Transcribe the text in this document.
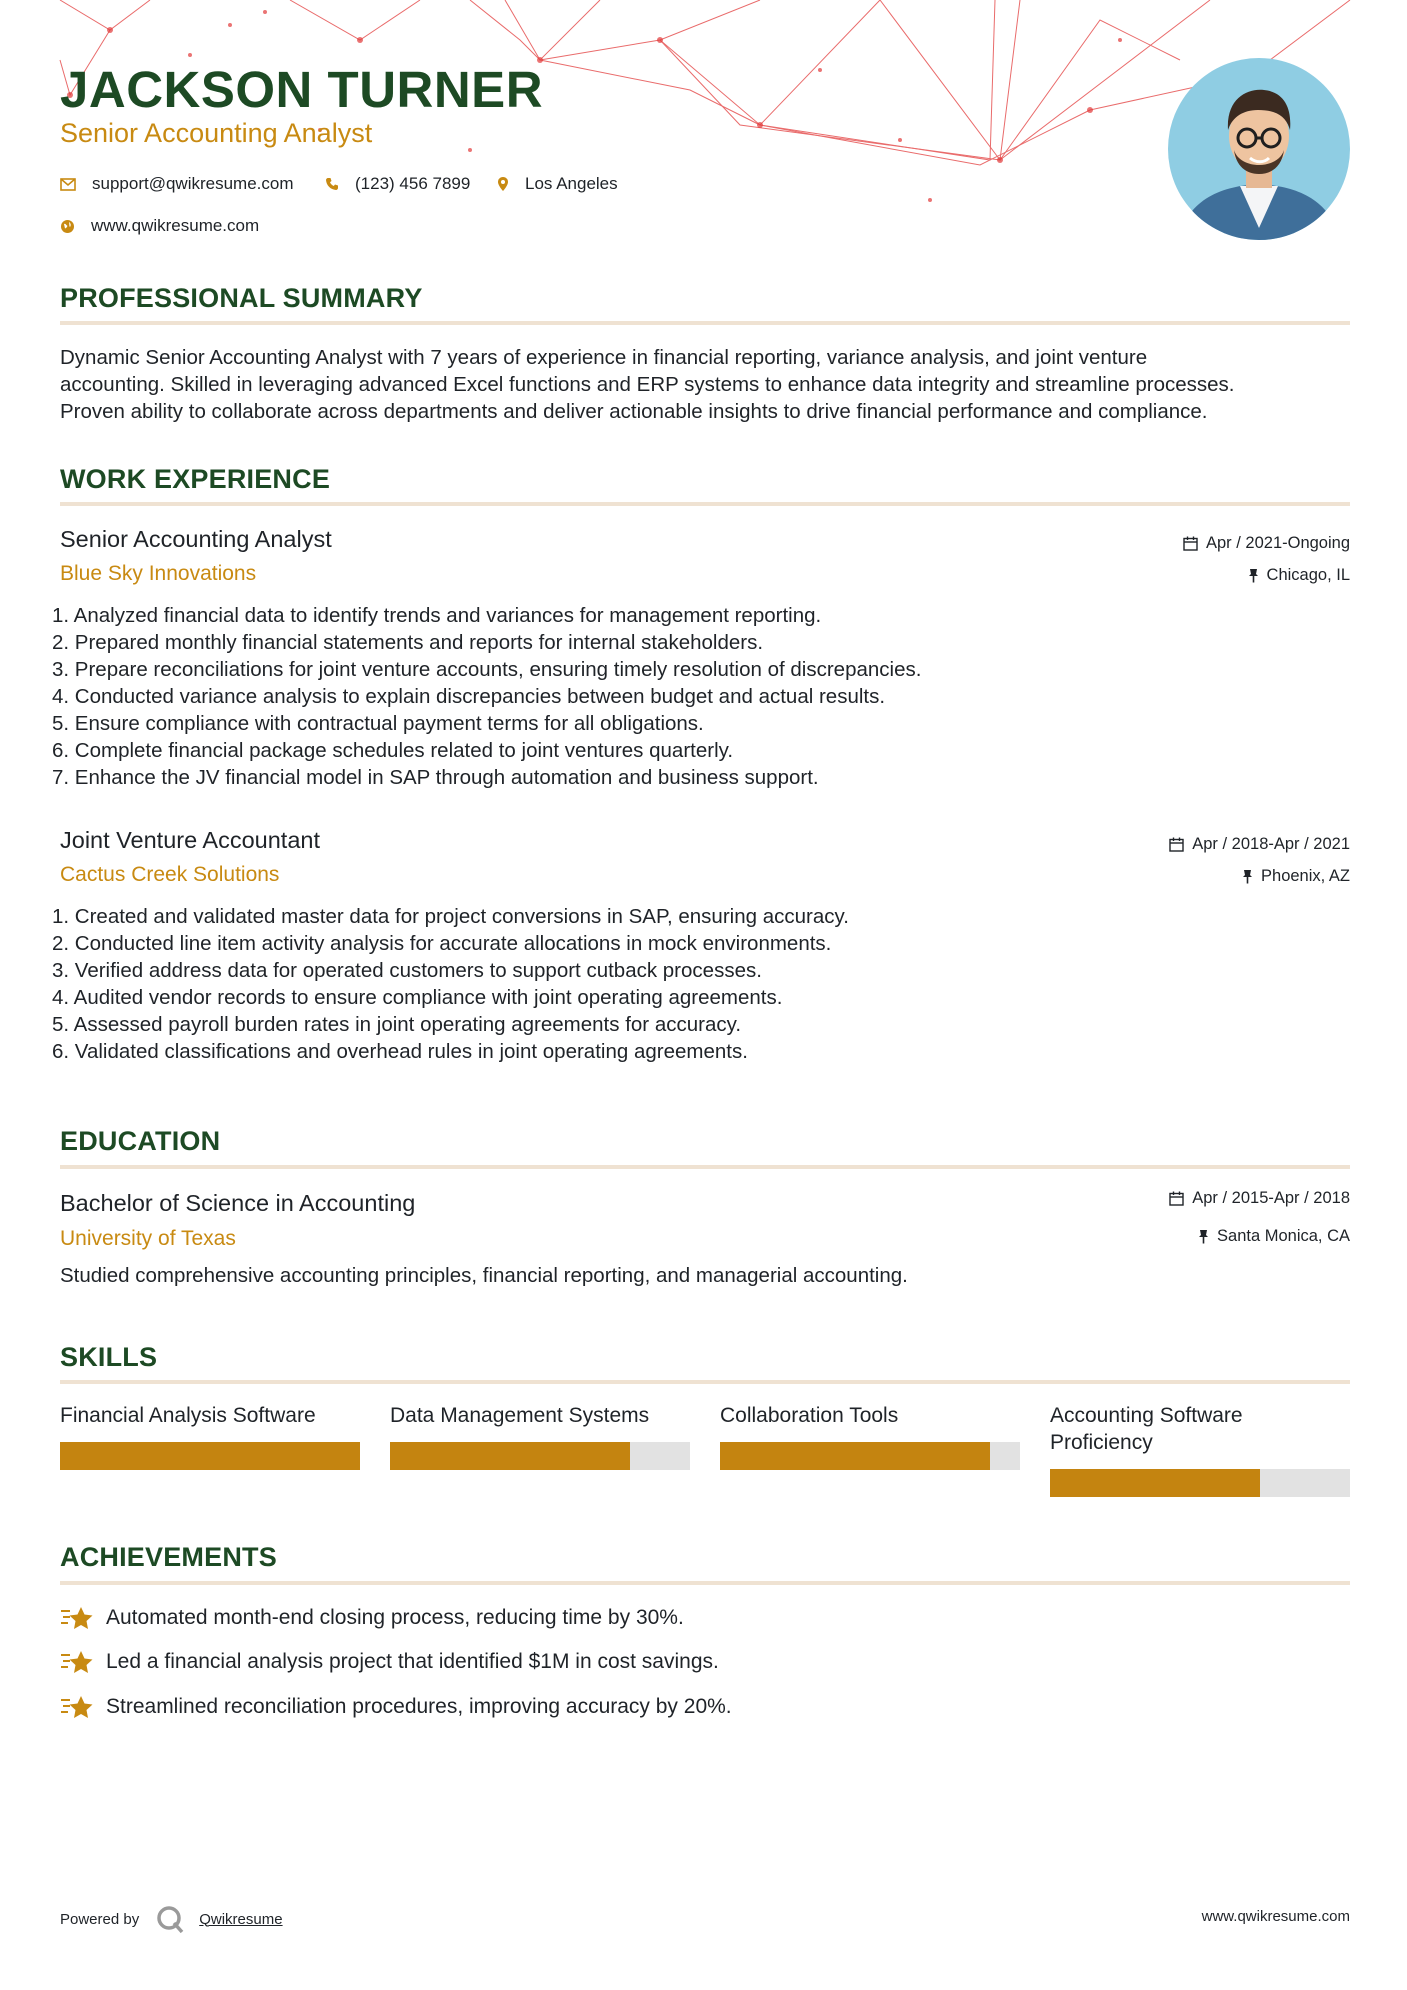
JACKSON TURNER
Senior Accounting Analyst
support@qwikresume.com	(123) 456 7899	Los Angeles
www.qwikresume.com
PROFESSIONAL SUMMARY
Dynamic Senior Accounting Analyst with 7 years of experience in financial reporting, variance analysis, and joint venture
accounting. Skilled in leveraging advanced Excel functions and ERP systems to enhance data integrity and streamline processes.
Proven ability to collaborate across departments and deliver actionable insights to drive financial performance and compliance.
WORK EXPERIENCE
Senior Accounting Analyst
Blue Sky Innovations
Apr / 2021-Ongoing
Chicago, IL
1. Analyzed financial data to identify trends and variances for management reporting.
2. Prepared monthly financial statements and reports for internal stakeholders.
3. Prepare reconciliations for joint venture accounts, ensuring timely resolution of discrepancies.
4. Conducted variance analysis to explain discrepancies between budget and actual results.
5. Ensure compliance with contractual payment terms for all obligations.
6. Complete financial package schedules related to joint ventures quarterly.
7. Enhance the JV financial model in SAP through automation and business support.
Joint Venture Accountant
Cactus Creek Solutions
Apr / 2018-Apr / 2021
Phoenix, AZ
1. Created and validated master data for project conversions in SAP, ensuring accuracy.
2. Conducted line item activity analysis for accurate allocations in mock environments.
3. Verified address data for operated customers to support cutback processes.
4. Audited vendor records to ensure compliance with joint operating agreements.
5. Assessed payroll burden rates in joint operating agreements for accuracy.
6. Validated classifications and overhead rules in joint operating agreements.
EDUCATION
Bachelor of Science in Accounting
University of Texas
Apr / 2015-Apr / 2018
Santa Monica, CA
Studied comprehensive accounting principles, financial reporting, and managerial accounting.
SKILLS
Financial Analysis Software	Data Management Systems	Collaboration Tools	Accounting Software Proficiency
ACHIEVEMENTS
Automated month-end closing process, reducing time by 30%.
Led a financial analysis project that identified $1M in cost savings.
Streamlined reconciliation procedures, improving accuracy by 20%.
Powered by	Qwikresume	www.qwikresume.com
